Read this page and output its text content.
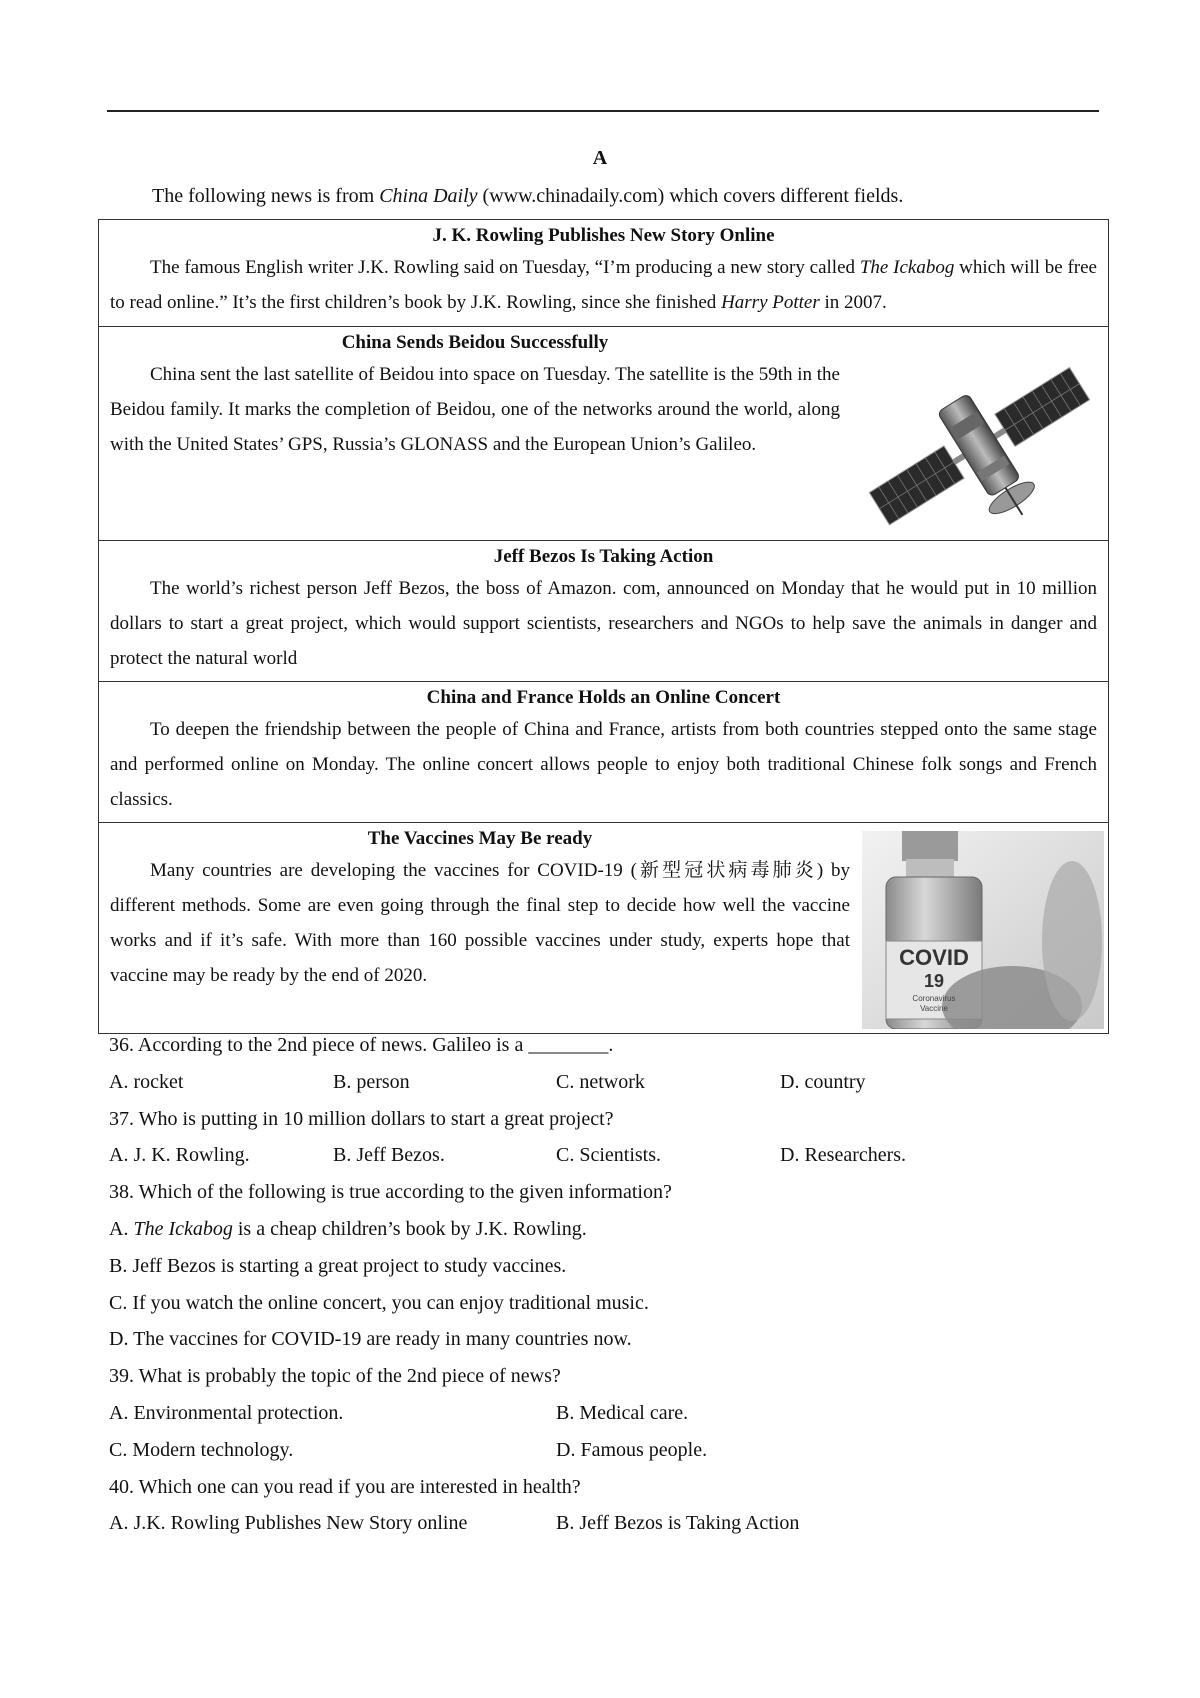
A
The following news is from China Daily (www.chinadaily.com) which covers different fields.
J. K. Rowling Publishes New Story Online
The famous English writer J.K. Rowling said on Tuesday, “I’m producing a new story called The Ickabog which will be free to read online.” It’s the first children’s book by J.K. Rowling, since she finished Harry Potter in 2007.
China Sends Beidou Successfully
China sent the last satellite of Beidou into space on Tuesday. The satellite is the 59th in the Beidou family. It marks the completion of Beidou, one of the networks around the world, along with the United States’ GPS, Russia’s GLONASS and the European Union’s Galileo.
Jeff Bezos Is Taking Action
The world’s richest person Jeff Bezos, the boss of Amazon. com, announced on Monday that he would put in 10 million dollars to start a great project, which would support scientists, researchers and NGOs to help save the animals in danger and protect the natural world
China and France Holds an Online Concert
To deepen the friendship between the people of China and France, artists from both countries stepped onto the same stage and performed online on Monday. The online concert allows people to enjoy both traditional Chinese folk songs and French classics.
The Vaccines May Be ready
Many countries are developing the vaccines for COVID-19 (新型冠状病毒肺炎) by different methods. Some are even going through the final step to decide how well the vaccine works and if it’s safe. With more than 160 possible vaccines under study, experts hope that vaccine may be ready by the end of 2020.
COVID
19
Coronavirus
Vaccine
36. According to the 2nd piece of news. Galileo is a ________.
A. rocket	B. person	C. network	D. country
37. Who is putting in 10 million dollars to start a great project?
A. J. K. Rowling.	B. Jeff Bezos.	C. Scientists.	D. Researchers.
38. Which of the following is true according to the given information?
A. The Ickabog is a cheap children’s book by J.K. Rowling.
B. Jeff Bezos is starting a great project to study vaccines.
C. If you watch the online concert, you can enjoy traditional music.
D. The vaccines for COVID-19 are ready in many countries now.
39. What is probably the topic of the 2nd piece of news?
A. Environmental protection.	B. Medical care.
C. Modern technology.	D. Famous people.
40. Which one can you read if you are interested in health?
A. J.K. Rowling Publishes New Story online	B. Jeff Bezos is Taking Action
